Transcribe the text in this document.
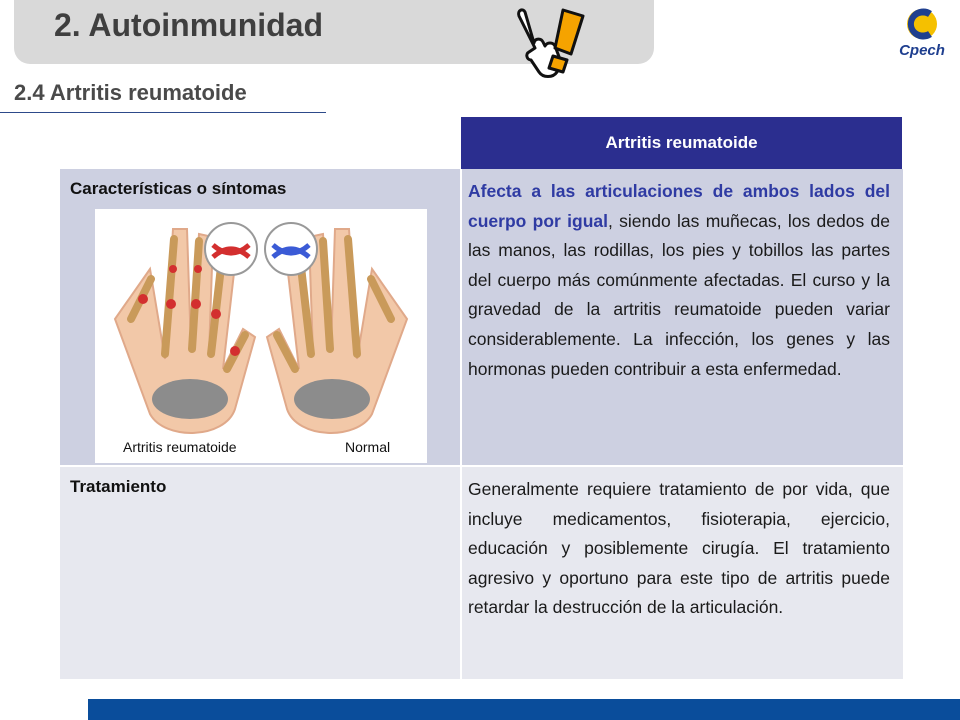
2. Autoinmunidad
Cpech
2.4 Artritis reumatoide
Artritis reumatoide
Características o síntomas
Artritis reumatoide	Normal
Afecta a las articulaciones de ambos lados del cuerpo por igual, siendo las muñecas, los dedos de las manos, las rodillas, los pies y tobillos las partes del cuerpo más comúnmente afectadas. El curso y la gravedad de la artritis reumatoide pueden variar considerablemente. La infección, los genes y las hormonas pueden contribuir a esta enfermedad.
Tratamiento	Generalmente requiere tratamiento de por vida, que incluye medicamentos, fisioterapia, ejercicio, educación y posiblemente cirugía. El tratamiento agresivo y oportuno para este tipo de artritis puede retardar la destrucción de la articulación.
